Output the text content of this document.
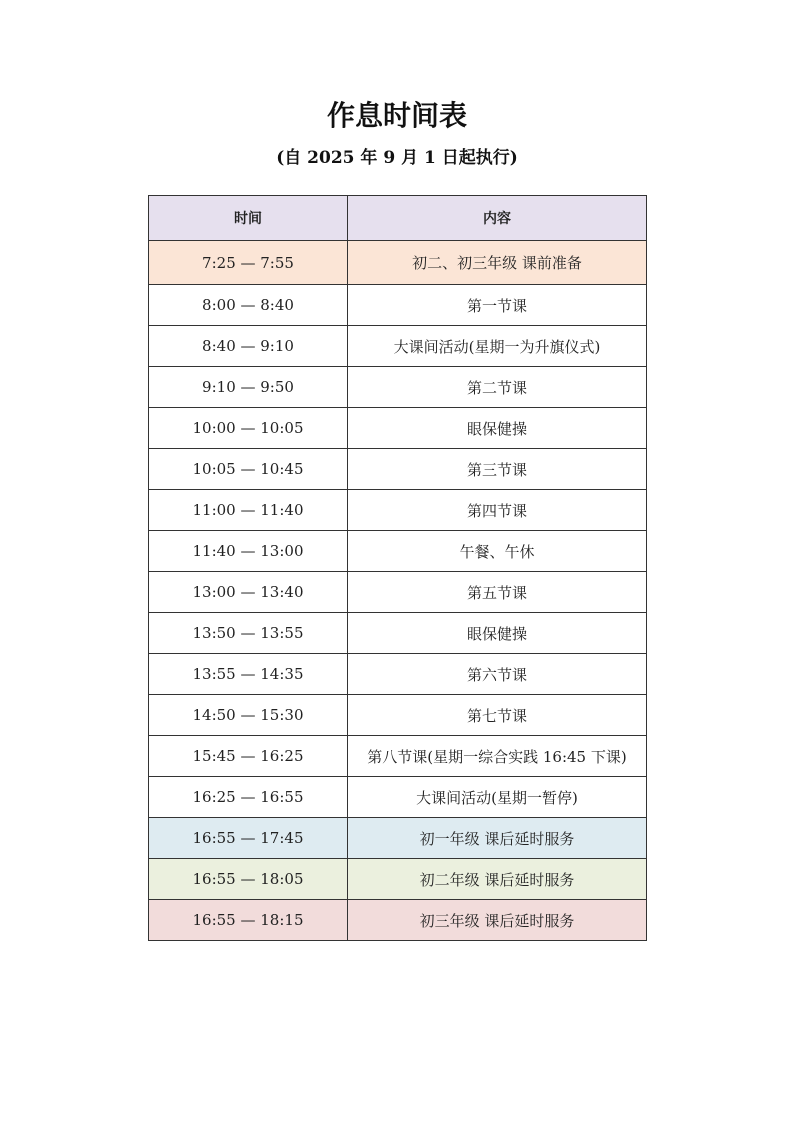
作息时间表
(自 2025 年 9 月 1 日起执行)
时间	内容
7:25 — 7:55	初二、初三年级 课前准备
8:00 — 8:40	第一节课
8:40 — 9:10	大课间活动(星期一为升旗仪式)
9:10 — 9:50	第二节课
10:00 — 10:05	眼保健操
10:05 — 10:45	第三节课
11:00 — 11:40	第四节课
11:40 — 13:00	午餐、午休
13:00 — 13:40	第五节课
13:50 — 13:55	眼保健操
13:55 — 14:35	第六节课
14:50 — 15:30	第七节课
15:45 — 16:25	第八节课(星期一综合实践 16:45 下课)
16:25 — 16:55	大课间活动(星期一暂停)
16:55 — 17:45	初一年级 课后延时服务
16:55 — 18:05	初二年级 课后延时服务
16:55 — 18:15	初三年级 课后延时服务
